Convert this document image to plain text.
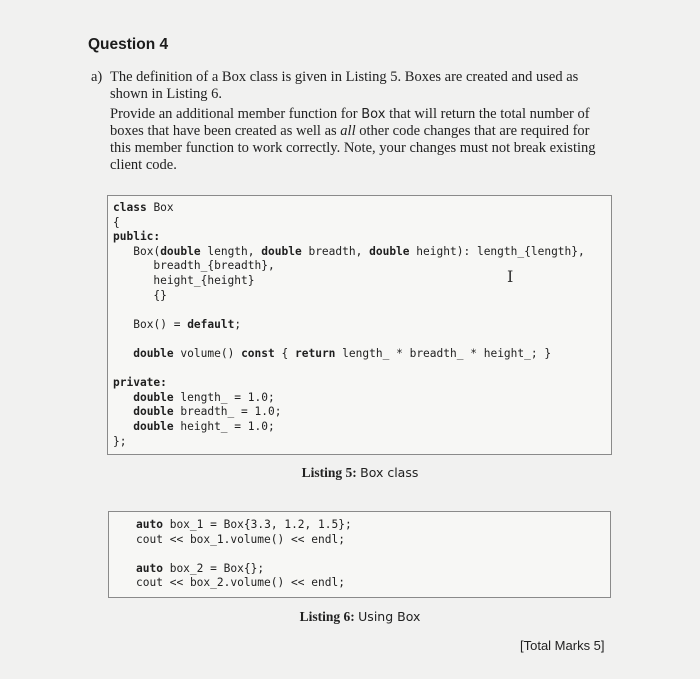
Question 4
a) The definition of a Box class is given in Listing 5. Boxes are created and used as shown in Listing 6.
Provide an additional member function for Box that will return the total number of boxes that have been created as well as all other code changes that are required for this member function to work correctly. Note, your changes must not break existing client code.
class Box
{
public:
Box(double length, double breadth, double height): length_{length},
breadth_{breadth},
height_{height}
{}

Box() = default;

double volume() const { return length_ * breadth_ * height_; }

private:
double length_ = 1.0;
double breadth_ = 1.0;
double height_ = 1.0;
};
I
Listing 5: Box class
auto box_1 = Box{3.3, 1.2, 1.5};
cout << box_1.volume() << endl;

auto box_2 = Box{};
cout << box_2.volume() << endl;
Listing 6: Using Box
[Total Marks 5]
